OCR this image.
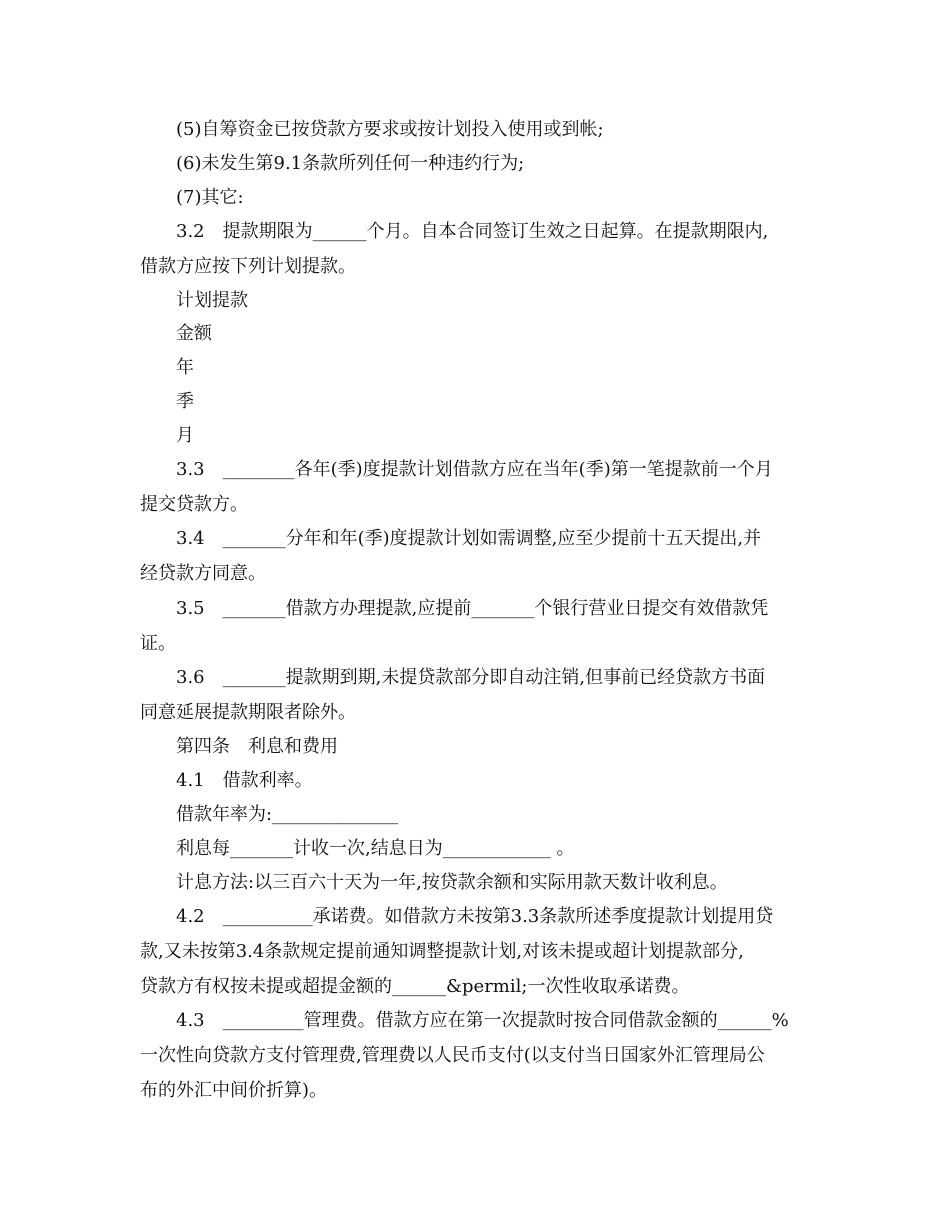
(5)自筹资金已按贷款方要求或按计划投入使用或到帐;
(6)未发生第9.1条款所列任何一种违约行为;
(7)其它:
3.2　提款期限为______个月。自本合同签订生效之日起算。在提款期限内,
借款方应按下列计划提款。
计划提款
金额
年
季
月
3.3　________各年(季)度提款计划借款方应在当年(季)第一笔提款前一个月
提交贷款方。
3.4　_______分年和年(季)度提款计划如需调整,应至少提前十五天提出,并
经贷款方同意。
3.5　_______借款方办理提款,应提前_______个银行营业日提交有效借款凭
证。
3.6　_______提款期到期,未提贷款部分即自动注销,但事前已经贷款方书面
同意延展提款期限者除外。
第四条　利息和费用
4.1　借款利率。
借款年率为:______________
利息每_______计收一次,结息日为____________ 。
计息方法:以三百六十天为一年,按贷款余额和实际用款天数计收利息。
4.2　__________承诺费。如借款方未按第3.3条款所述季度提款计划提用贷
款,又未按第3.4条款规定提前通知调整提款计划,对该未提或超计划提款部分,
贷款方有权按未提或超提金额的______&permil;一次性收取承诺费。
4.3　_________管理费。借款方应在第一次提款时按合同借款金额的______%
一次性向贷款方支付管理费,管理费以人民币支付(以支付当日国家外汇管理局公
布的外汇中间价折算)。
